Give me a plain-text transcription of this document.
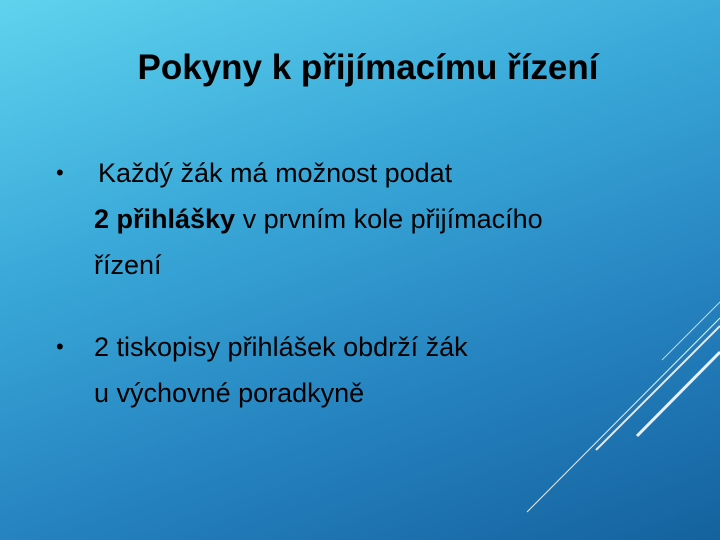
Pokyny k přijímacímu řízení
• Každý žák má možnost podat
2 přihlášky v prvním kole přijímacího
řízení
• 2 tiskopisy přihlášek obdrží žák
u výchovné poradkyně
